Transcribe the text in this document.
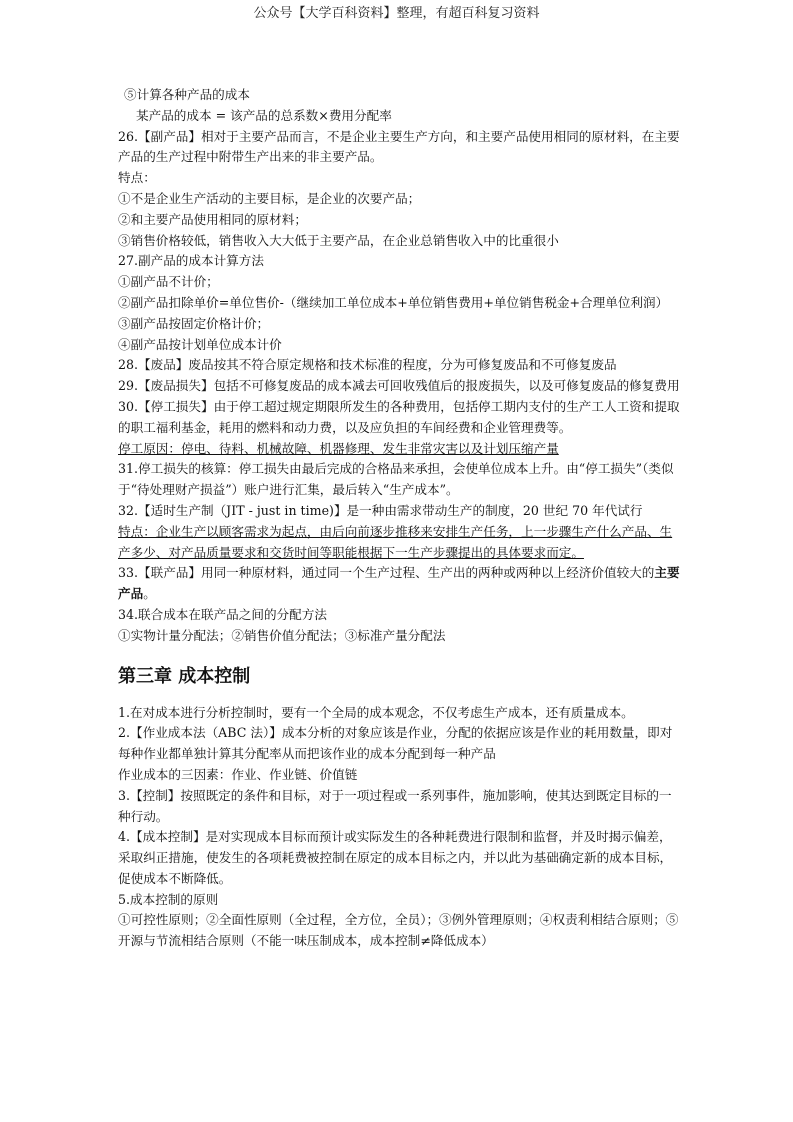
公众号【大学百科资料】整理，有超百科复习资料

⑤计算各种产品的成本

某产品的成本 = 该产品的总系数×费用分配率

26.【副产品】相对于主要产品而言，不是企业主要生产方向，和主要产品使用相同的原材料，在主要产品的生产过程中附带生产出来的非主要产品。

特点：

①不是企业生产活动的主要目标，是企业的次要产品；

②和主要产品使用相同的原材料；

③销售价格较低，销售收入大大低于主要产品，在企业总销售收入中的比重很小

27.副产品的成本计算方法

①副产品不计价；

②副产品扣除单价=单位售价-（继续加工单位成本+单位销售费用+单位销售税金+合理单位利润）

③副产品按固定价格计价；

④副产品按计划单位成本计价

28.【废品】废品按其不符合原定规格和技术标准的程度，分为可修复废品和不可修复废品

29.【废品损失】包括不可修复废品的成本减去可回收残值后的报废损失，以及可修复废品的修复费用

30.【停工损失】由于停工超过规定期限所发生的各种费用，包括停工期内支付的生产工人工资和提取的职工福利基金，耗用的燃料和动力费，以及应负担的车间经费和企业管理费等。

停工原因：停电、待料、机械故障、机器修理、发生非常灾害以及计划压缩产量

31.停工损失的核算：停工损失由最后完成的合格品来承担，会使单位成本上升。由“停工损失”（类似于“待处理财产损益”）账户进行汇集，最后转入“生产成本”。

32.【适时生产制（JIT - just in time)】是一种由需求带动生产的制度，20 世纪 70 年代试行

特点：企业生产以顾客需求为起点，由后向前逐步推移来安排生产任务，上一步骤生产什么产品、生产多少、对产品质量要求和交货时间等职能根据下一生产步骤提出的具体要求而定。

33.【联产品】用同一种原材料，通过同一个生产过程、生产出的两种或两种以上经济价值较大的主要产品。

34.联合成本在联产品之间的分配方法

①实物计量分配法；②销售价值分配法；③标准产量分配法

第三章 成本控制

1.在对成本进行分析控制时，要有一个全局的成本观念，不仅考虑生产成本，还有质量成本。

2.【作业成本法（ABC 法）】成本分析的对象应该是作业，分配的依据应该是作业的耗用数量，即对每种作业都单独计算其分配率从而把该作业的成本分配到每一种产品

作业成本的三因素：作业、作业链、价值链

3.【控制】按照既定的条件和目标，对于一项过程或一系列事件，施加影响，使其达到既定目标的一种行动。

4.【成本控制】是对实现成本目标而预计或实际发生的各种耗费进行限制和监督，并及时揭示偏差，采取纠正措施，使发生的各项耗费被控制在原定的成本目标之内，并以此为基础确定新的成本目标，促使成本不断降低。

5.成本控制的原则

①可控性原则；②全面性原则（全过程，全方位，全员）；③例外管理原则；④权责利相结合原则；⑤开源与节流相结合原则（不能一味压制成本，成本控制≠降低成本）
